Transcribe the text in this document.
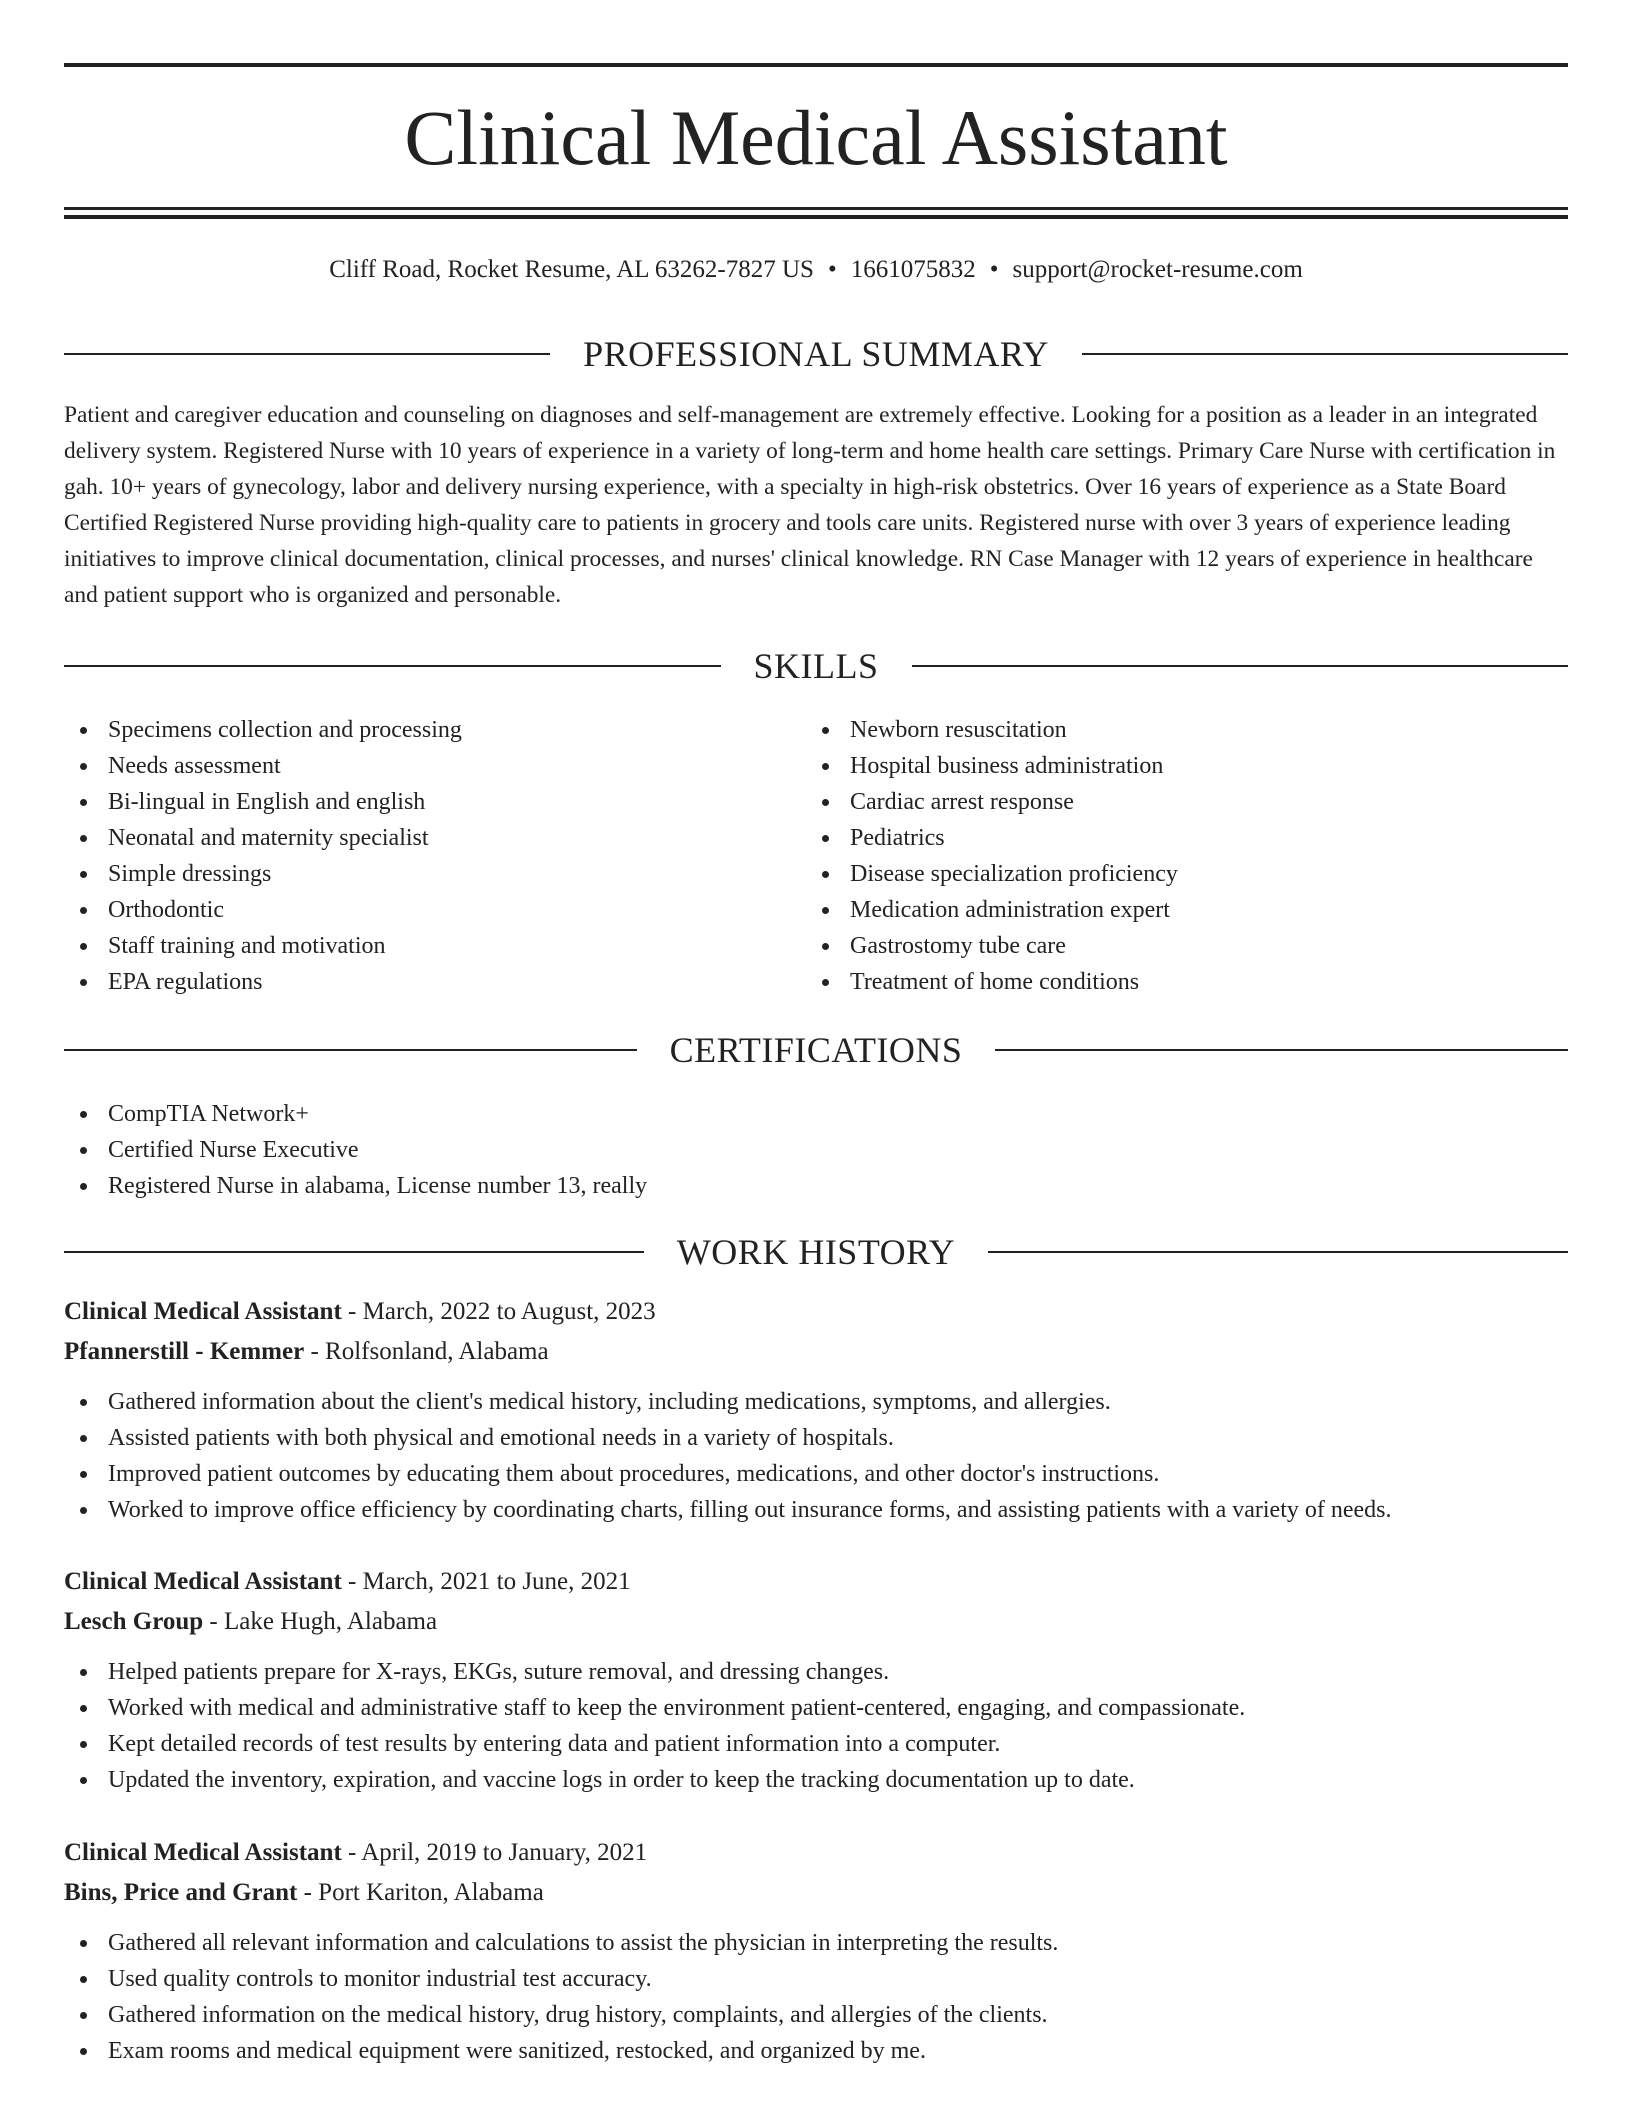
Clinical Medical Assistant
Cliff Road, Rocket Resume, AL 63262-7827 US • 1661075832 • support@rocket-resume.com
PROFESSIONAL SUMMARY

Patient and caregiver education and counseling on diagnoses and self-management are extremely effective. Looking for a position as a leader in an integrated delivery system. Registered Nurse with 10 years of experience in a variety of long-term and home health care settings. Primary Care Nurse with certification in gah. 10+ years of gynecology, labor and delivery nursing experience, with a specialty in high-risk obstetrics. Over 16 years of experience as a State Board Certified Registered Nurse providing high-quality care to patients in grocery and tools care units. Registered nurse with over 3 years of experience leading initiatives to improve clinical documentation, clinical processes, and nurses' clinical knowledge. RN Case Manager with 12 years of experience in healthcare and patient support who is organized and personable.

SKILLS
Specimens collection and processing
Needs assessment
Bi-lingual in English and english
Neonatal and maternity specialist
Simple dressings
Orthodontic
Staff training and motivation
EPA regulations
Newborn resuscitation
Hospital business administration
Cardiac arrest response
Pediatrics
Disease specialization proficiency
Medication administration expert
Gastrostomy tube care
Treatment of home conditions
CERTIFICATIONS
CompTIA Network+
Certified Nurse Executive
Registered Nurse in alabama, License number 13, really
WORK HISTORY
Clinical Medical Assistant - March, 2022 to August, 2023
Pfannerstill - Kemmer - Rolfsonland, Alabama
Gathered information about the client's medical history, including medications, symptoms, and allergies.
Assisted patients with both physical and emotional needs in a variety of hospitals.
Improved patient outcomes by educating them about procedures, medications, and other doctor's instructions.
Worked to improve office efficiency by coordinating charts, filling out insurance forms, and assisting patients with a variety of needs.
Clinical Medical Assistant - March, 2021 to June, 2021
Lesch Group - Lake Hugh, Alabama
Helped patients prepare for X-rays, EKGs, suture removal, and dressing changes.
Worked with medical and administrative staff to keep the environment patient-centered, engaging, and compassionate.
Kept detailed records of test results by entering data and patient information into a computer.
Updated the inventory, expiration, and vaccine logs in order to keep the tracking documentation up to date.
Clinical Medical Assistant - April, 2019 to January, 2021
Bins, Price and Grant - Port Kariton, Alabama
Gathered all relevant information and calculations to assist the physician in interpreting the results.
Used quality controls to monitor industrial test accuracy.
Gathered information on the medical history, drug history, complaints, and allergies of the clients.
Exam rooms and medical equipment were sanitized, restocked, and organized by me.
